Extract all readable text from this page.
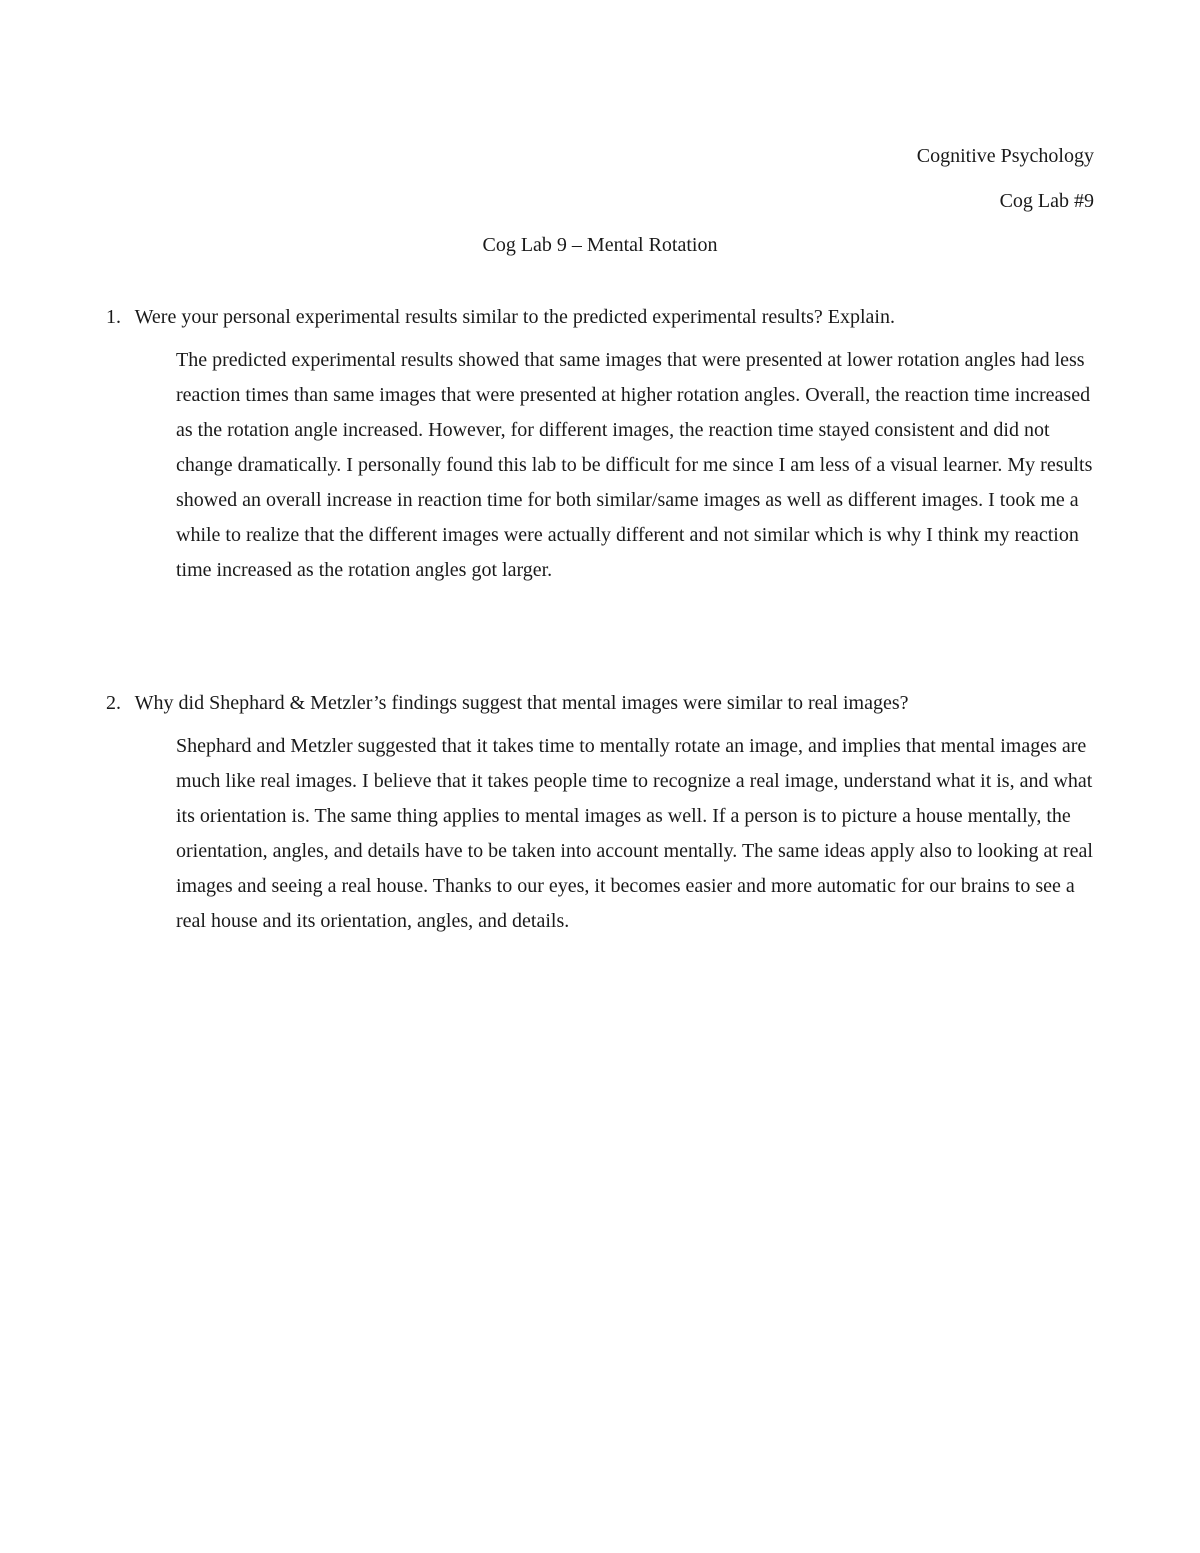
Cognitive Psychology
Cog Lab #9
Cog Lab 9 – Mental Rotation
1. Were your personal experimental results similar to the predicted experimental results? Explain.

The predicted experimental results showed that same images that were presented at lower rotation angles had less reaction times than same images that were presented at higher rotation angles. Overall, the reaction time increased as the rotation angle increased. However, for different images, the reaction time stayed consistent and did not change dramatically. I personally found this lab to be difficult for me since I am less of a visual learner. My results showed an overall increase in reaction time for both similar/same images as well as different images. I took me a while to realize that the different images were actually different and not similar which is why I think my reaction time increased as the rotation angles got larger.

2. Why did Shephard & Metzler’s findings suggest that mental images were similar to real images?

Shephard and Metzler suggested that it takes time to mentally rotate an image, and implies that mental images are much like real images. I believe that it takes people time to recognize a real image, understand what it is, and what its orientation is. The same thing applies to mental images as well. If a person is to picture a house mentally, the orientation, angles, and details have to be taken into account mentally. The same ideas apply also to looking at real images and seeing a real house. Thanks to our eyes, it becomes easier and more automatic for our brains to see a real house and its orientation, angles, and details.
